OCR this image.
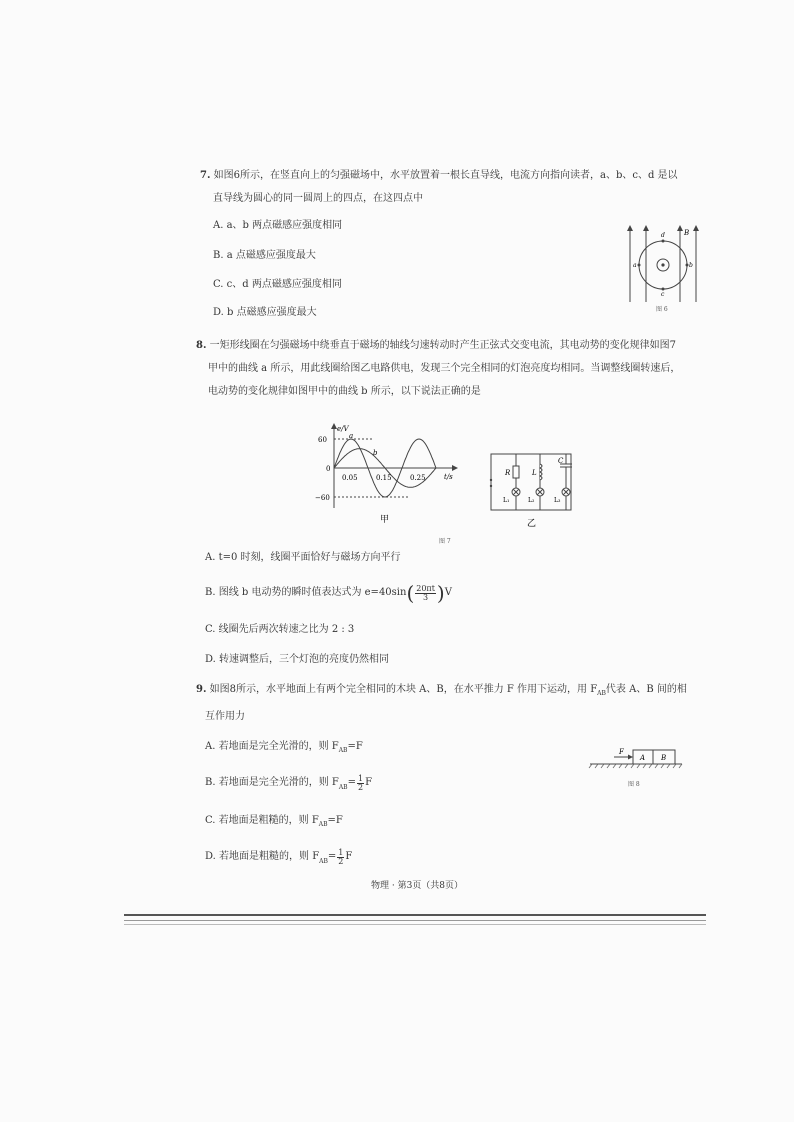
7. 如图6所示，在竖直向上的匀强磁场中，水平放置着一根长直导线，电流方向指向读者，a、b、c、d 是以
直导线为圆心的同一圆周上的四点，在这四点中
A. a、b 两点磁感应强度相同
B. a 点磁感应强度最大
C. c、d 两点磁感应强度相同
D. b 点磁感应强度最大
B
a	b
c
d
图 6
8. 一矩形线圈在匀强磁场中绕垂直于磁场的轴线匀速转动时产生正弦式交变电流，其电动势的变化规律如图7
甲中的曲线 a 所示，用此线圈给图乙电路供电，发现三个完全相同的灯泡亮度均相同。当调整线圈转速后，
电动势的变化规律如图甲中的曲线 b 所示，以下说法正确的是
e/V
t/s
60
0
−60
0.05	0.15	0.25
a
b
甲
R	L
C
L₁	L₂	L₃
乙
图 7
A. t=0 时刻，线圈平面恰好与磁场方向平行
B. 图线 b 电动势的瞬时值表达式为 e=40sin ( $\frac{20\pi t}{3}$ ) V
C. 线圈先后两次转速之比为 2 : 3
D. 转速调整后，三个灯泡的亮度仍然相同
9. 如图8所示，水平地面上有两个完全相同的木块 A、B，在水平推力 F 作用下运动，用 $F_{AB}$代表 A、B 间的相
互作用力
A. 若地面是完全光滑的，则 $F_{AB}=F$
B. 若地面是完全光滑的，则 $F_{AB} = \frac{1}{2}$ F
C. 若地面是粗糙的，则 $F_{AB}=F$
D. 若地面是粗糙的，则 $F_{AB} = \frac{1}{2}$ F
F
A B
图 8
物理 · 第3页（共8页）
